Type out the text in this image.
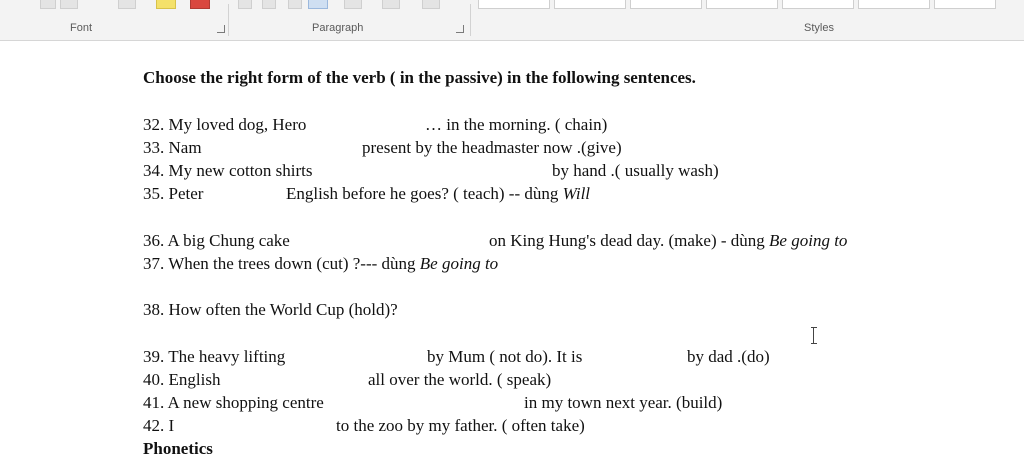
Font	Paragraph	Styles
Choose the right form of the verb ( in the passive) in the following sentences.
32. My loved dog, Hero	… in the morning. ( chain)
33. Nam	present by the headmaster now .(give)
34. My new cotton shirts	by hand .( usually wash)
35. Peter	English before he goes? ( teach) -- dùng Will
36. A big Chung cake	on King Hung's dead day. (make) - dùng Be going to
37. When the trees down (cut) ?--- dùng Be going to
38. How often the World Cup (hold)?
39. The heavy lifting	by Mum ( not do). It is	by dad .(do)
40. English	all over the world. ( speak)
41. A new shopping centre	in my town next year. (build)
42. I	to the zoo by my father. ( often take)
Phonetics
